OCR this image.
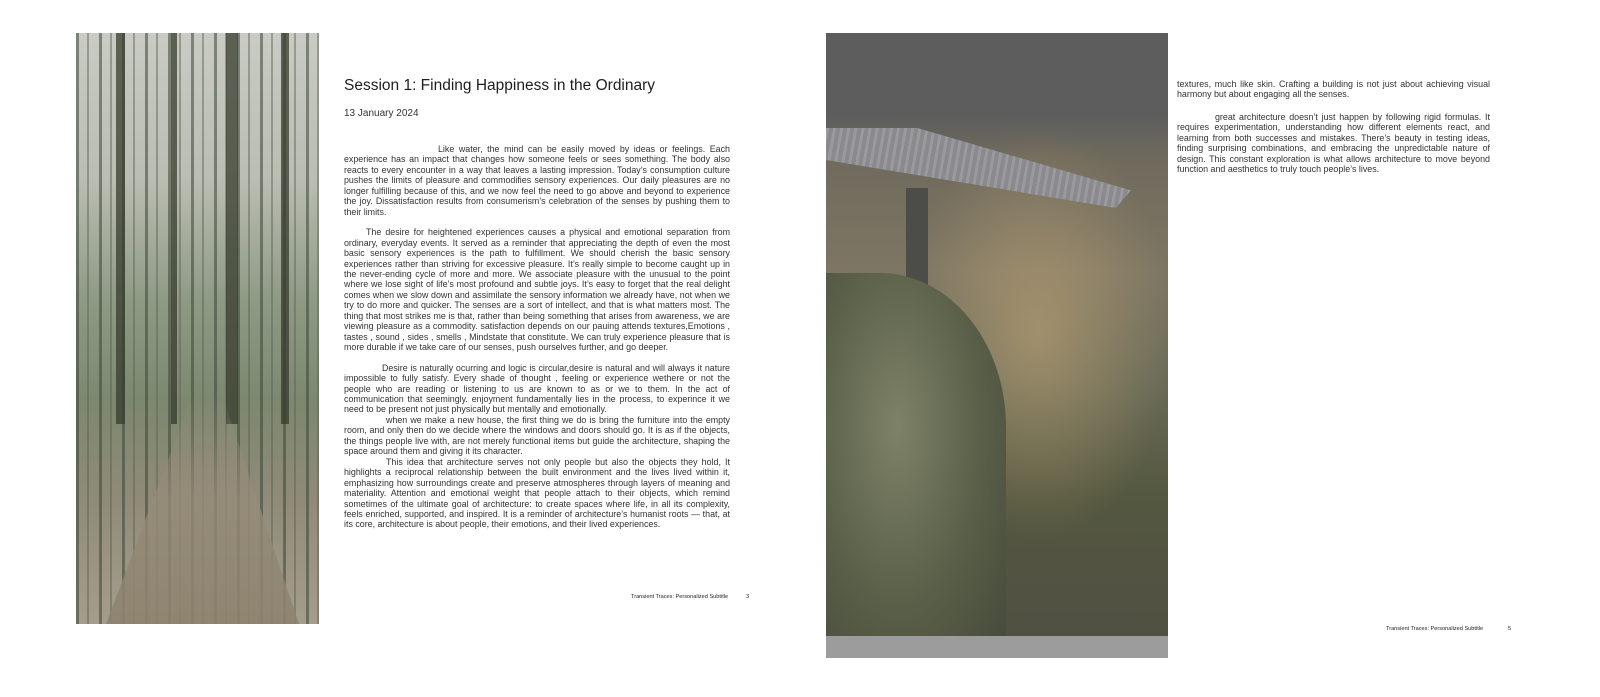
Session 1: Finding Happiness in the Ordinary
13 January 2024

Like water, the mind can be easily moved by ideas or feelings. Each experience has an impact that changes how someone feels or sees something. The body also reacts to every encounter in a way that leaves a lasting impression. Today’s consumption culture pushes the limits of pleasure and commodifies sensory experiences. Our daily pleasures are no longer fulfilling because of this, and we now feel the need to go above and beyond to experience the joy. Dissatisfaction results from consumerism’s celebration of the senses by pushing them to their limits.

The desire for heightened experiences causes a physical and emotional separation from ordinary, everyday events. It served as a reminder that appreciating the depth of even the most basic sensory experiences is the path to fulfillment. We should cherish the basic sensory experiences rather than striving for excessive pleasure. It’s really simple to become caught up in the never-ending cycle of more and more. We associate pleasure with the unusual to the point where we lose sight of life’s most profound and subtle joys. It’s easy to forget that the real delight comes when we slow down and assimilate the sensory information we already have, not when we try to do more and quicker. The senses are a sort of intellect, and that is what matters most. The thing that most strikes me is that, rather than being something that arises from awareness, we are viewing pleasure as a commodity. satisfaction depends on our pauing attends textures,Emotions , tastes , sound , sides , smells , Mindstate that constitute. We can truly experience pleasure that is more durable if we take care of our senses, push ourselves further, and go deeper.

Desire is naturally ocurring and logic is circular,desire is natural and will always it nature impossible to fully satisfy. Every shade of thought , feeling or experience wethere or not the people who are reading or listening to us are known to as or we to them. In the act of communication that seemingly. enjoyment fundamentally lies in the process, to experince it we need to be present not just physically but mentally and emotionally.

when we make a new house, the first thing we do is bring the furniture into the empty room, and only then do we decide where the windows and doors should go. It is as if the objects, the things people live with, are not merely functional items but guide the architecture, shaping the space around them and giving it its character.

This idea that architecture serves not only people but also the objects they hold, It highlights a reciprocal relationship between the built environment and the lives lived within it, emphasizing how surroundings create and preserve atmospheres through layers of meaning and materiality. Attention and emotional weight that people attach to their objects, which remind sometimes of the ultimate goal of architecture: to create spaces where life, in all its complexity, feels enriched, supported, and inspired. It is a reminder of architecture’s humanist roots — that, at its core, architecture is about people, their emotions, and their lived experiences.

Transient Traces: Personalized Subtitle	3

textures, much like skin. Crafting a building is not just about achieving visual harmony but about engaging all the senses.

great architecture doesn’t just happen by following rigid formulas. It requires experimentation, understanding how different elements react, and learning from both successes and mistakes. There’s beauty in testing ideas, finding surprising combinations, and embracing the unpredictable nature of design. This constant exploration is what allows architecture to move beyond function and aesthetics to truly touch people’s lives.

Transient Traces: Personalized Subtitle	5
